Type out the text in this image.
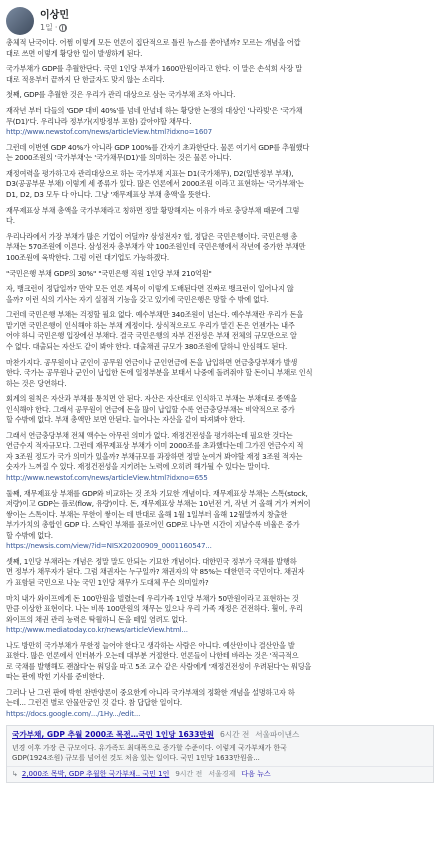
이상민
1일 ·
총체적 난국이다. 어쩜 이렇게 모든 언론이 집단적으로 틀린 뉴스를 쏟아낼까? 모르는 개념을 어깝
대로 쓰면 이렇게 황당한 일이 발생하게 된다.
국가부채가 GDP를 추월한단다. 국민 1인당 부채가 1600만원이라고 한다. 이 말은 손석희 사장 말
대로 적용부터 끝까지 단 한글자도 맞지 않는 소리다.
첫째, GDP를 추월한 것은 우리가 관리 대상으로 삼는 국가부채 조차 아니다.
재작년 부터 다들의 'GDP 대비 40%'를 넘네 안넘네 하는 황당한 논쟁의 대상인 '나라빚'은 '국가채
무(D1)'다. 우리나라 정부가(지방정부 포함) 갚아야할 채무다.
http://www.newstof.com/news/articleView.html?idxno=1607
그런데 이번엔 GDP 40%가 아니라 GDP 100%를 간자기 초과한단다. 물론 여기서 GDP를 추월했다
는 2000조원의 '국가부채'는 '국가채무(D1)'를 의미하는 것은 물론 아니다.
재정여력을 평가하고자 관리대상으로 하는 국가부채 지표는 D1(국가채무), D2(일반정부 부채),
D3(공공부문 부채) 이렇게 세 종류가 있다. 많은 언론에서 2000조원 이라고 표현하는 '국가부채'는
D1, D2, D3 모두 다 아니다. 그냥 '재무제표상 부채 총액'을 뜻한다.
재무제표상 부채 총액을 국가부채라고 칭하면 정말 황망해지는 이유가 바로 충당부채 때문에 그렇
다.
우리나라에서 가장 부채가 많은 기업이 어딜까? 삼성전자? 헐, 정답은 국민은행이다. 국민은행 총
부채는 570조원에 이른다. 삼성전자 총부채가 약 100조원인데 국민은행에서 작년에 증가한 부채만
100조원에 육박한다. 그럼 이런 대기업도 가능하겠다.
"국민은행 부채 GDP의 30%" "국민은행 직원 1인당 부채 210억원"
자, 뱅크런이 정답일까? 만약 모든 언론 제목이 이렇게 도배된다면 진짜로 뱅크런이 일어나지 않
을까? 이런 식의 기사는 자기 실점적 기능을 갖고 있기에 국민은행은 망할 수 밖에 없다.
그런데 국민은행 부채는 걱정할 필요 없다. 예수부채만 340조원이 넘는다. 예수부채란 우리가 돈을
맡기면 국민은행이 인식해야 하는 부채 계정이다. 상식적으로도 우리가 맡긴 돈은 언젠가는 내주
어야 하니 국민은행 입장에선 부채다. 결국 국민은행의 자부 건전성은 부채 전체의 규모만으로 알
수 없다. 대출되는 자산도 같이 봐야 한다. 대출채권 규모가 380조원에 달하니 안심해도 된다.
마찬가지다. 공무원이나 군인이 공무원 연금이나 군인연금에 돈을 납입하면 연금충당부채가 발생
한다. 국가는 공무원나 군인이 납입한 돈에 일정부분을 보태서 나중에 돌려줘야 할 돈이니 부채로 인식
하는 것은 당연하다.
회계의 원칙은 자산과 부채를 통치면 안 된다. 자산은 자산대로 인식하고 부채는 부채대로 종액을
인식해야 한다. 그래서 공무원이 연금에 돈을 많이 납입할 수록 연금충당부채는 비약적으로 증가
할 수밖에 없다. 부채 총액만 보면 안된다. 늘어나는 자산을 같이 따져봐야 한다.
그래서 연금충당부채 전체 액수는 아무런 의미가 없다. 재정건전성을 평가하는데 필요한 것다는
연금수지 적자규모다. 그런데 재무제표상 부채가 이미 2000조를 초과했다는데 그가진 연금수지 적
자 3조원 정도가 국가 의미가 있을까? 부채규모를 과장하면 정말 눈여겨 봐야할 재정 3조원 적자는
숫자가 느껴질 수 있다. 재정건전성을 지키려는 노력에 오히려 해가될 수 있다는 말이다.
http://www.newstof.com/news/articleView.html?idxno=655
둘째, 재무제표상 부채를 GDP와 비교하는 것 조차 기묘한 개념이다. 재무제표상 부채는 스톡(stock,
저량)이고 GDP는 플로(flow, 유량)이다. 돈, 재무제표상 부채는 10년전 거, 작년 거 올해 거가 켜켜이
쌓이는 스톡이다. 부채는 무한이 쌓이는 데 반대로 올해 1월 1일부터 올해 12월말까지 창출한
부가가치의 총합인 GDP 다. 스탁인 부채를 플로어인 GDP로 나누면 시간이 지날수록 비율은 증가
할 수밖에 없다.
https://newsis.com/view/?id=NISX20200909_0001160547...
셋째, 1인당 부채라는 개념은 정말 말도 안되는 기묘한 개념이다. 대한민국 정부가 국채를 발행하
면 정부가 채무자가 된다. 그럼 채권자는 누구일까? 채권자의 약 85%는 대한민국 국민이다. 채권자
가 표함된 국민으로 나눈 국민 1인당 채무가 도대체 무슨 의미일까?
마치 내가 와이프에게 돈 100만원을 빌렸는데 우리가족 1인당 부채가 50만원이라고 표현하는 것
만큼 이상한 표현이다. 나는 비록 100만원의 채무는 있으나 우리 가족 재정은 건전하다. 훨이, 우리
와이프의 채권 관리 능력은 탁월하니 돈을 떼일 염려도 없다.
http://www.mediatoday.co.kr/news/articleView.html...
나도 방만히 국가부채가 무한정 늘어야 한다고 생각하는 사람은 아니다. 예산안이나 결산안을 발
표한다. 많은 언론에서 인터뷰가 오는데 대부분 거절한다. 언론들이 나한테 바라는 것은 '적극적으
로 국채를 발행해도 괜찮다'는 워딩을 따고 5조 교수 같은 사람에게 '재정건전성이 우려된다'는 워딩을
따는 판에 박힌 기사를 준비한다.
그러나 난 그런 판에 박힌 찬반양론이 중요한게 아니라 국가부채의 정확한 개념을 설명하고자 하
는데... 그런건 별로 안물안궁인 것 같다. 참 답답한 일이다.
https://docs.google.com/.../1Hy.../edit...
국가부채, GDP 추월 2000조 목전…국민 1인당 1633만원 6시간 전 서울파이낸스
년경 이후 가장 큰 규모이다. 유가족도 최대폭으로 증가할 수준이다. 이렇게 국가부채가 한국
GDP(1924조원) 규모를 넘어선 것도 처음 있는 일이다. 국민 1인당 1633만원을...
↳ 2,000조 목박, GDP 추월한 국가부채.. 국민 1인 9시간 전 서울경제 다음 뉴스
